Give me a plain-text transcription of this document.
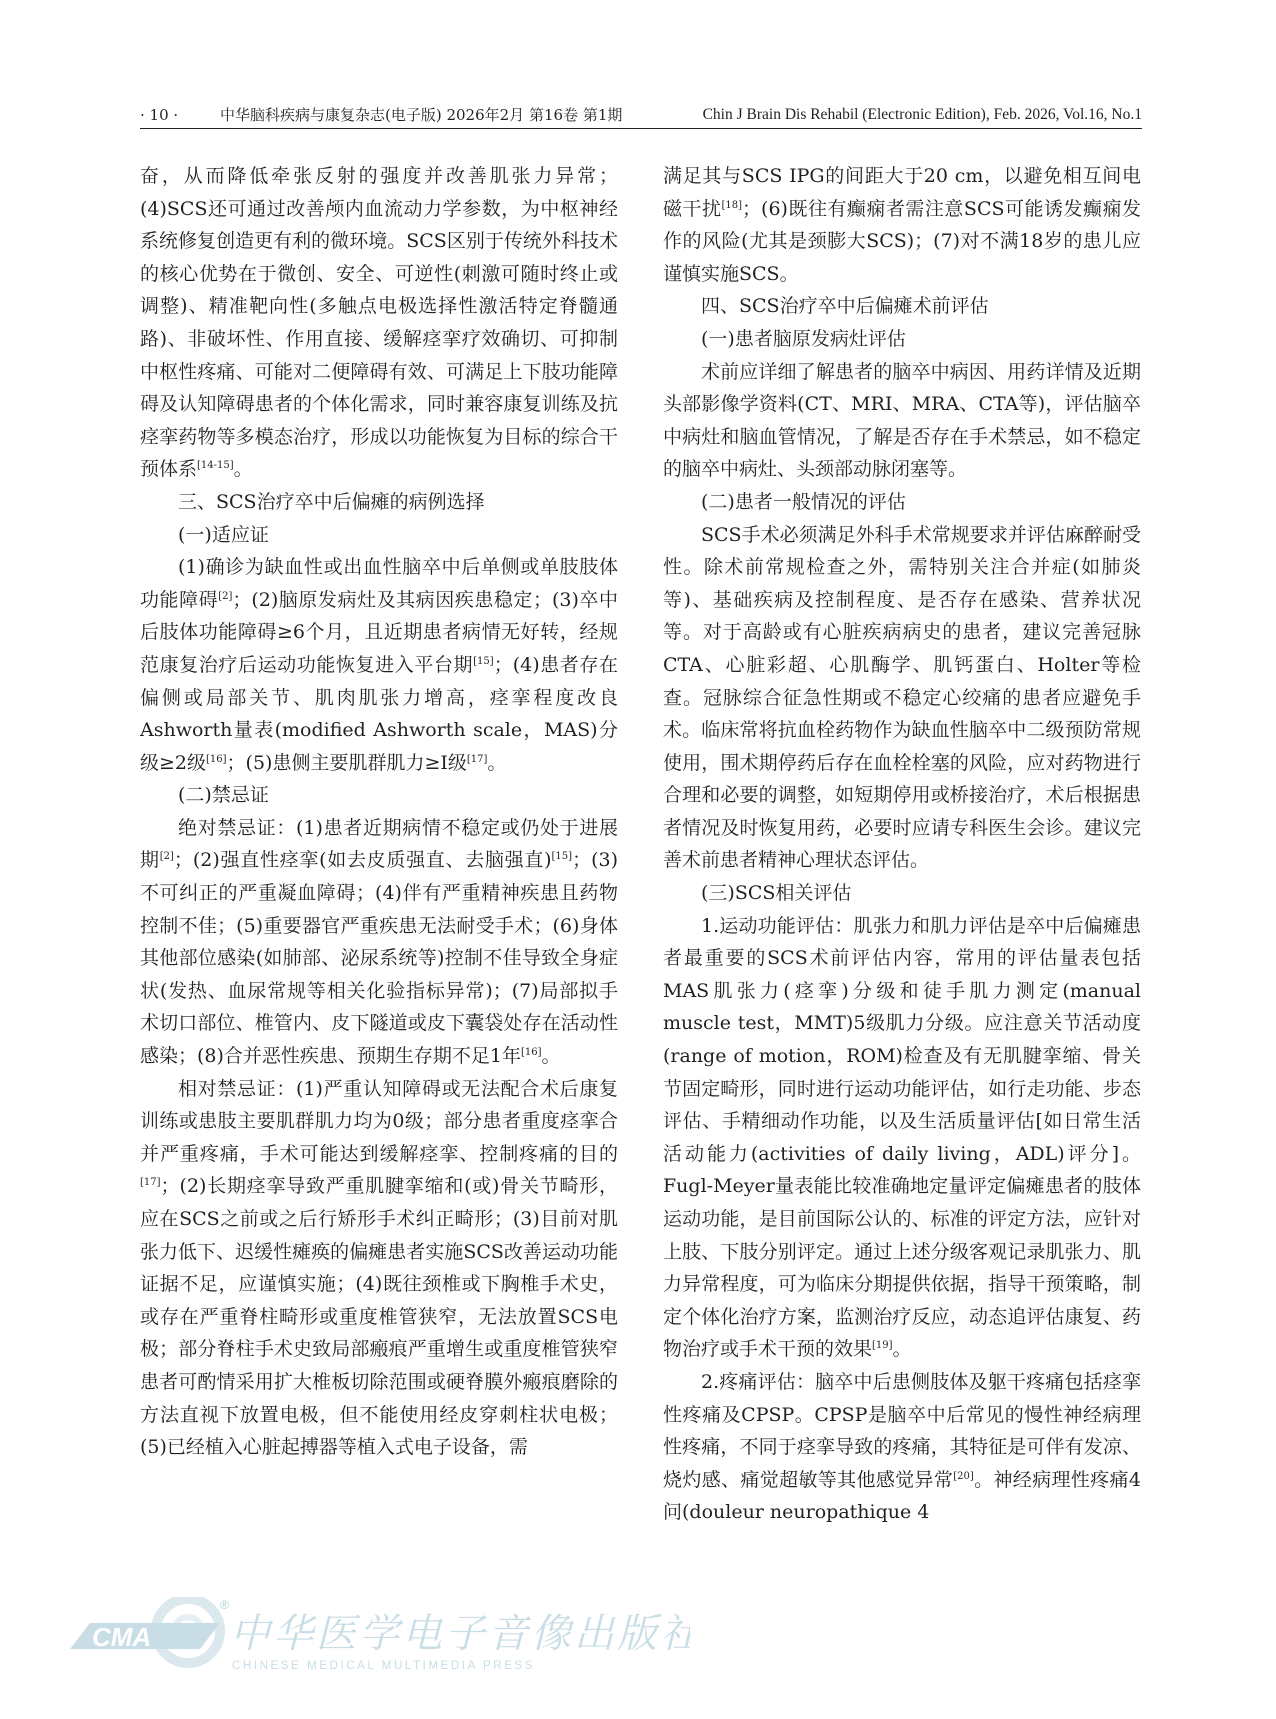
· 10 ·	中华脑科疾病与康复杂志(电子版) 2026年2月 第16卷 第1期	Chin J Brain Dis Rehabil (Electronic Edition), Feb. 2026, Vol.16, No.1

奋，从而降低牵张反射的强度并改善肌张力异常；(4)SCS还可通过改善颅内血流动力学参数，为中枢神经系统修复创造更有利的微环境。SCS区别于传统外科技术的核心优势在于微创、安全、可逆性(刺激可随时终止或调整)、精准靶向性(多触点电极选择性激活特定脊髓通路)、非破坏性、作用直接、缓解痉挛疗效确切、可抑制中枢性疼痛、可能对二便障碍有效、可满足上下肢功能障碍及认知障碍患者的个体化需求，同时兼容康复训练及抗痉挛药物等多模态治疗，形成以功能恢复为目标的综合干预体系[14-15]。

三、SCS治疗卒中后偏瘫的病例选择

(一)适应证

(1)确诊为缺血性或出血性脑卒中后单侧或单肢肢体功能障碍[2]；(2)脑原发病灶及其病因疾患稳定；(3)卒中后肢体功能障碍≥6个月，且近期患者病情无好转，经规范康复治疗后运动功能恢复进入平台期[15]；(4)患者存在偏侧或局部关节、肌肉肌张力增高，痉挛程度改良Ashworth量表(modified Ashworth scale，MAS)分级≥2级[16]；(5)患侧主要肌群肌力≥Ⅰ级[17]。

(二)禁忌证

绝对禁忌证：(1)患者近期病情不稳定或仍处于进展期[2]；(2)强直性痉挛(如去皮质强直、去脑强直)[15]；(3)不可纠正的严重凝血障碍；(4)伴有严重精神疾患且药物控制不佳；(5)重要器官严重疾患无法耐受手术；(6)身体其他部位感染(如肺部、泌尿系统等)控制不佳导致全身症状(发热、血尿常规等相关化验指标异常)；(7)局部拟手术切口部位、椎管内、皮下隧道或皮下囊袋处存在活动性感染；(8)合并恶性疾患、预期生存期不足1年[16]。

相对禁忌证：(1)严重认知障碍或无法配合术后康复训练或患肢主要肌群肌力均为0级；部分患者重度痉挛合并严重疼痛，手术可能达到缓解痉挛、控制疼痛的目的[17]；(2)长期痉挛导致严重肌腱挛缩和(或)骨关节畸形，应在SCS之前或之后行矫形手术纠正畸形；(3)目前对肌张力低下、迟缓性瘫痪的偏瘫患者实施SCS改善运动功能证据不足，应谨慎实施；(4)既往颈椎或下胸椎手术史，或存在严重脊柱畸形或重度椎管狭窄，无法放置SCS电极；部分脊柱手术史致局部瘢痕严重增生或重度椎管狭窄患者可酌情采用扩大椎板切除范围或硬脊膜外瘢痕磨除的方法直视下放置电极，但不能使用经皮穿刺柱状电极；(5)已经植入心脏起搏器等植入式电子设备，需

满足其与SCS IPG的间距大于20 cm，以避免相互间电磁干扰[18]；(6)既往有癫痫者需注意SCS可能诱发癫痫发作的风险(尤其是颈膨大SCS)；(7)对不满18岁的患儿应谨慎实施SCS。

四、SCS治疗卒中后偏瘫术前评估

(一)患者脑原发病灶评估

术前应详细了解患者的脑卒中病因、用药详情及近期头部影像学资料(CT、MRI、MRA、CTA等)，评估脑卒中病灶和脑血管情况，了解是否存在手术禁忌，如不稳定的脑卒中病灶、头颈部动脉闭塞等。

(二)患者一般情况的评估

SCS手术必须满足外科手术常规要求并评估麻醉耐受性。除术前常规检查之外，需特别关注合并症(如肺炎等)、基础疾病及控制程度、是否存在感染、营养状况等。对于高龄或有心脏疾病病史的患者，建议完善冠脉CTA、心脏彩超、心肌酶学、肌钙蛋白、Holter等检查。冠脉综合征急性期或不稳定心绞痛的患者应避免手术。临床常将抗血栓药物作为缺血性脑卒中二级预防常规使用，围术期停药后存在血栓栓塞的风险，应对药物进行合理和必要的调整，如短期停用或桥接治疗，术后根据患者情况及时恢复用药，必要时应请专科医生会诊。建议完善术前患者精神心理状态评估。

(三)SCS相关评估

1.运动功能评估：肌张力和肌力评估是卒中后偏瘫患者最重要的SCS术前评估内容，常用的评估量表包括MAS肌张力(痉挛)分级和徒手肌力测定(manual muscle test，MMT)5级肌力分级。应注意关节活动度(range of motion，ROM)检查及有无肌腱挛缩、骨关节固定畸形，同时进行运动功能评估，如行走功能、步态评估、手精细动作功能，以及生活质量评估[如日常生活活动能力(activities of daily living，ADL)评分]。Fugl-Meyer量表能比较准确地定量评定偏瘫患者的肢体运动功能，是目前国际公认的、标准的评定方法，应针对上肢、下肢分别评定。通过上述分级客观记录肌张力、肌力异常程度，可为临床分期提供依据，指导干预策略，制定个体化治疗方案，监测治疗反应，动态追评估康复、药物治疗或手术干预的效果[19]。

2.疼痛评估：脑卒中后患侧肢体及躯干疼痛包括痉挛性疼痛及CPSP。CPSP是脑卒中后常见的慢性神经病理性疼痛，不同于痉挛导致的疼痛，其特征是可伴有发凉、烧灼感、痛觉超敏等其他感觉异常[20]。神经病理性疼痛4问(douleur neuropathique 4

CMA
®
中华医学电子音像出版社
CHINESE MEDICAL MULTIMEDIA PRESS
